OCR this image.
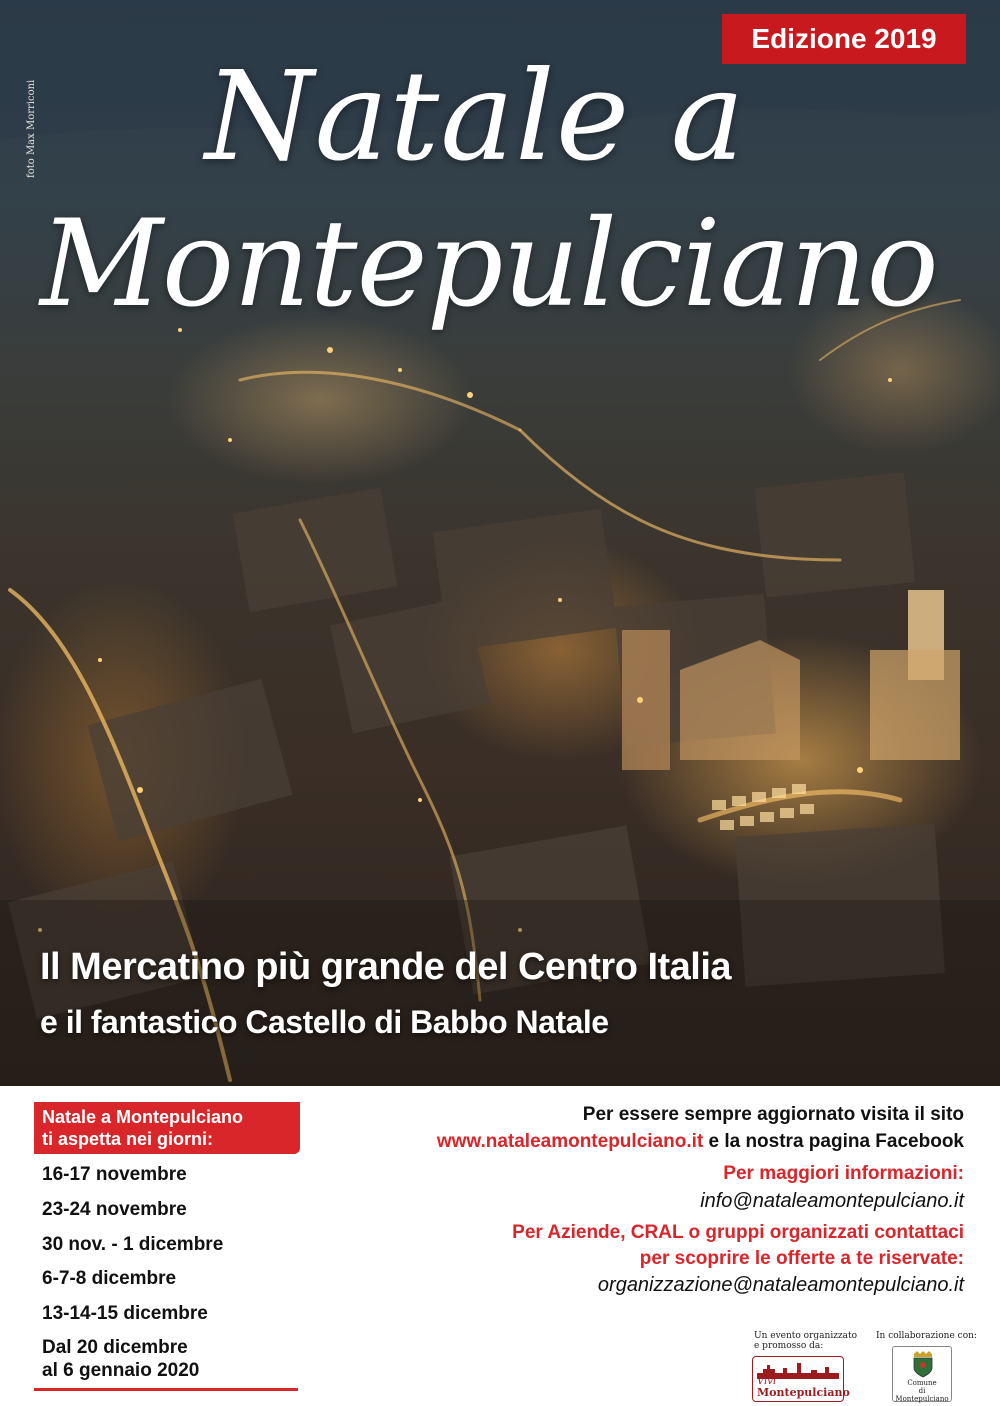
foto Max Morriconi
Edizione 2019
Natale a
Montepulciano
Il Mercatino più grande del Centro Italia
e il fantastico Castello di Babbo Natale
Natale a Montepulciano
ti aspetta nei giorni:
16-17 novembre
23-24 novembre
30 nov. - 1 dicembre
6-7-8 dicembre
13-14-15 dicembre
Dal 20 dicembre
al 6 gennaio 2020
Per essere sempre aggiornato visita il sito
www.nataleamontepulciano.it e la nostra pagina Facebook
Per maggiori informazioni:
info@nataleamontepulciano.it
Per Aziende, CRAL o gruppi organizzati contattaci
per scoprire le offerte a te riservate:
organizzazione@nataleamontepulciano.it
Un evento organizzato
e promosso da:
Vivi
Montepulciano
In collaborazione con:
Comune
di Montepulciano
